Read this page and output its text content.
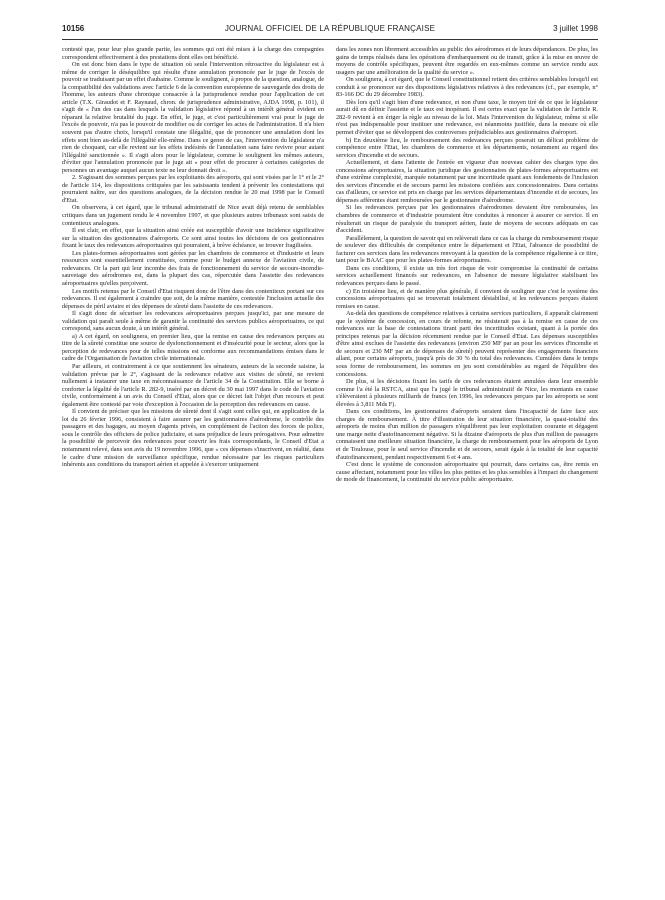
10156	JOURNAL OFFICIEL DE LA RÉPUBLIQUE FRANÇAISE	3 juillet 1998

contesté que, pour leur plus grande partie, les sommes qui ont été mises à la charge des compagnies correspondent effectivement à des prestations dont elles ont bénéficié.

On est donc bien dans le type de situation où seule l'intervention rétroactive du législateur est à même de corriger le déséquilibre qui résulte d'une annulation prononcée par le juge de l'excès de pouvoir se traduisant par un effet d'aubaine. Comme le soulignent, à propos de la question, analogue, de la compatibilité des validations avec l'article 6 de la convention européenne de sauvegarde des droits de l'homme, les auteurs d'une chronique consacrée à la jurisprudence rendue pour l'application de cet article (T.X. Giraudot et F. Raynaud, chron. de jurisprudence administrative, AJDA 1998, p. 101), il s'agit de « l'un des cas dans lesquels la validation législative répond à un intérêt général évident en réparant la relative brutalité du juge. En effet, le juge, et c'est particulièrement vrai pour le juge de l'excès de pouvoir, n'a pas le pouvoir de modifier ou de corriger les actes de l'administration. Il n'a bien souvent pas d'autre choix, lorsqu'il constate une illégalité, que de prononcer une annulation dont les effets sont bien au-delà de l'illégalité elle-même. Dans ce genre de cas, l'intervention du législateur n'a rien de choquant, car elle revient sur les effets indésirés de l'annulation sans faire revivre pour autant l'illégalité sanctionnée ». Il s'agit alors pour le législateur, comme le soulignent les mêmes auteurs, d'éviter que l'annulation prononcée par le juge ait « pour effet de procurer à certaines catégories de personnes un avantage auquel aucun texte ne leur donnait droit ».

2. S'agissant des sommes perçues par les exploitants des aéroports, qui sont visées par le 1° et le 2° de l'article 114, les dispositions critiquées par les saisissants tendent à prévenir les contestations qui pourraient naître, sur des questions analogues, de la décision rendue le 20 mai 1998 par le Conseil d'Etat.

On observera, à cet égard, que le tribunal administratif de Nice avait déjà retenu de semblables critiques dans un jugement rendu le 4 novembre 1997, et que plusieurs autres tribunaux sont saisis de contentieux analogues.

Il est clair, en effet, que la situation ainsi créée est susceptible d'avoir une incidence significative sur la situation des gestionnaires d'aéroports. Ce sont ainsi toutes les décisions de ces gestionnaires fixant le taux des redevances aéroportuaires qui pourraient, à brève échéance, se trouver fragilisées.

Les plates-formes aéroportuaires sont gérées par les chambres de commerce et d'industrie et leurs ressources sont essentiellement constituées, comme pour le budget annexe de l'aviation civile, de redevances. Or la part qui leur incombe des frais de fonctionnement du service de secours-incendie-sauvetage des aérodromes est, dans la plupart des cas, répercutée dans l'assiette des redevances aéroportuaires qu'elles perçoivent.

Les motifs retenus par le Conseil d'Etat risquent donc de l'être dans des contentieux portant sur ces redevances. Il est également à craindre que soit, de la même manière, contestée l'inclusion actuelle des dépenses de péril aviaire et des dépenses de sûreté dans l'assiette de ces redevances.

Il s'agit donc de sécuriser les redevances aéroportuaires perçues jusqu'ici, par une mesure de validation qui paraît seule à même de garantir la continuité des services publics aéroportuaires, ce qui correspond, sans aucun doute, à un intérêt général.

a) A cet égard, on soulignera, en premier lieu, que la remise en cause des redevances perçues au titre de la sûreté constitue une source de dysfonctionnement et d'insécurité pour le secteur, alors que la perception de redevances pour de telles missions est conforme aux recommandations émises dans le cadre de l'Organisation de l'aviation civile internationale.

Par ailleurs, et contrairement à ce que soutiennent les sénateurs, auteurs de la seconde saisine, la validation prévue par le 2°, s'agissant de la redevance relative aux visites de sûreté, ne revient nullement à instaurer une taxe en méconnaissance de l'article 34 de la Constitution. Elle se borne à conforter la légalité de l'article R. 282-9, inséré par un décret du 30 mai 1997 dans le code de l'aviation civile, conformément à un avis du Conseil d'Etat, alors que ce décret fait l'objet d'un recours et peut également être contesté par voie d'exception à l'occasion de la perception des redevances en cause.

Il convient de préciser que les missions de sûreté dont il s'agit sont celles qui, en application de la loi du 26 février 1996, consistent à faire assurer par les gestionnaires d'aérodrome, le contrôle des passagers et des bagages, au moyen d'agents privés, en complément de l'action des forces de police, sous le contrôle des officiers de police judiciaire, et sans préjudice de leurs prérogatives. Pour admettre la possibilité de percevoir des redevances pour couvrir les frais correspondants, le Conseil d'Etat a notamment relevé, dans son avis du 19 novembre 1996, que « ces dépenses s'inscrivent, en réalité, dans le cadre d'une mission de surveillance spécifique, rendue nécessaire par les risques particuliers inhérents aux conditions du transport aérien et appelée à s'exercer uniquement

dans les zones non librement accessibles au public des aérodromes et de leurs dépendances. De plus, les gains de temps réalisés dans les opérations d'embarquement ou de transit, grâce à la mise en œuvre de moyens de contrôle spécifiques, peuvent être regardés en eux-mêmes comme un service rendu aux usagers par une amélioration de la qualité du service ».

On soulignera, à cet égard, que le Conseil constitutionnel retient des critères semblables lorsqu'il est conduit à se prononcer sur des dispositions législatives relatives à des redevances (cf., par exemple, n° 83-166 DC du 29 décembre 1983).

Dès lors qu'il s'agit bien d'une redevance, et non d'une taxe, le moyen tiré de ce que le législateur aurait dû en définir l'assiette et le taux est inopérant. Il est certes exact que la validation de l'article R. 282-9 revient à en ériger la règle au niveau de la loi. Mais l'intervention du législateur, même si elle n'est pas indispensable pour instituer une redevance, est néanmoins justifiée, dans la mesure où elle permet d'éviter que se développent des controverses préjudiciables aux gestionnaires d'aéroport.

b) En deuxième lieu, le remboursement des redevances perçues poserait un délicat problème de compétence entre l'Etat, les chambres de commerce et les départements, notamment au regard des services d'incendie et de secours.

Actuellement, et dans l'attente de l'entrée en vigueur d'un nouveau cahier des charges type des concessions aéroportuaires, la situation juridique des gestionnaires de plates-formes aéroportuaires est d'une extrême complexité, marquée notamment par une incertitude quant aux fondements de l'inclusion des services d'incendie et de secours parmi les missions confiées aux concessionnaires. Dans certains cas d'ailleurs, ce service est pris en charge par les services départementaux d'incendie et de secours, les dépenses afférentes étant remboursées par le gestionnaire d'aérodrome.

Si les redevances perçues par les gestionnaires d'aérodromes devaient être remboursées, les chambres de commerce et d'industrie pourraient être conduites à renoncer à assurer ce service. Il en résulterait un risque de paralysie du transport aérien, faute de moyens de secours adéquats en cas d'accident.

Parallèlement, la question de savoir qui en relèverait dans ce cas la charge du remboursement risque de soulever des difficultés de compétence entre le département et l'Etat, l'absence de possibilité de facturer ces services dans les redevances renvoyant à la question de la compétence régalienne à ce titre, tant pour le BAAC que pour les plates-formes aéroportuaires.

Dans ces conditions, il existe un très fort risque de voir compromise la continuité de certains services actuellement financés sur redevances, en l'absence de mesure législative stabilisant les redevances perçues dans le passé.

c) En troisième lieu, et de manière plus générale, il convient de souligner que c'est le système des concessions aéroportuaires qui se trouverait totalement déstabilisé, si les redevances perçues étaient remises en cause.

Au-delà des questions de compétence relatives à certains services particuliers, il apparaît clairement que le système de concession, en cours de refonte, ne résisterait pas à la remise en cause de ces redevances sur la base de contestations tirant parti des incertitudes existant, quant à la portée des principes retenus par la décision récemment rendue par le Conseil d'Etat. Les dépenses susceptibles d'être ainsi exclues de l'assiette des redevances (environ 250 MF par an pour les services d'incendie et de secours et 230 MF par an de dépenses de sûreté) peuvent représenter des engagements financiers allant, pour certains aéroports, jusqu'à près de 30 % du total des redevances. Cumulées dans le temps sous forme de remboursement, les sommes en jeu sont considérables au regard de l'équilibre des concessions.

De plus, si les décisions fixant les tarifs de ces redevances étaient annulées dans leur ensemble comme l'a été la RSTCA, ainsi que l'a jugé le tribunal administratif de Nice, les montants en cause s'élèveraient à plusieurs milliards de francs (en 1996, les redevances perçues par les aéroports se sont élevées à 3,811 Mds F).

Dans ces conditions, les gestionnaires d'aéroports seraient dans l'incapacité de faire face aux charges de remboursement. À titre d'illustration de leur situation financière, la quasi-totalité des aéroports de moins d'un million de passagers n'équilibrent pas leur exploitation courante et dégagent une marge nette d'autofinancement négative. Si la dizaine d'aéroports de plus d'un million de passagers connaissent une meilleure situation financière, la charge de remboursement pour les aéroports de Lyon et de Toulouse, pour le seul service d'incendie et de secours, serait égale à la totalité de leur capacité d'autofinancement, pendant respectivement 6 et 4 ans.

C'est donc le système de concession aéroportuaire qui pourrait, dans certains cas, être remis en cause affectant, notamment pour les villes les plus petites et les plus sensibles à l'impact du changement de mode de financement, la continuité du service public aéroportuaire.
